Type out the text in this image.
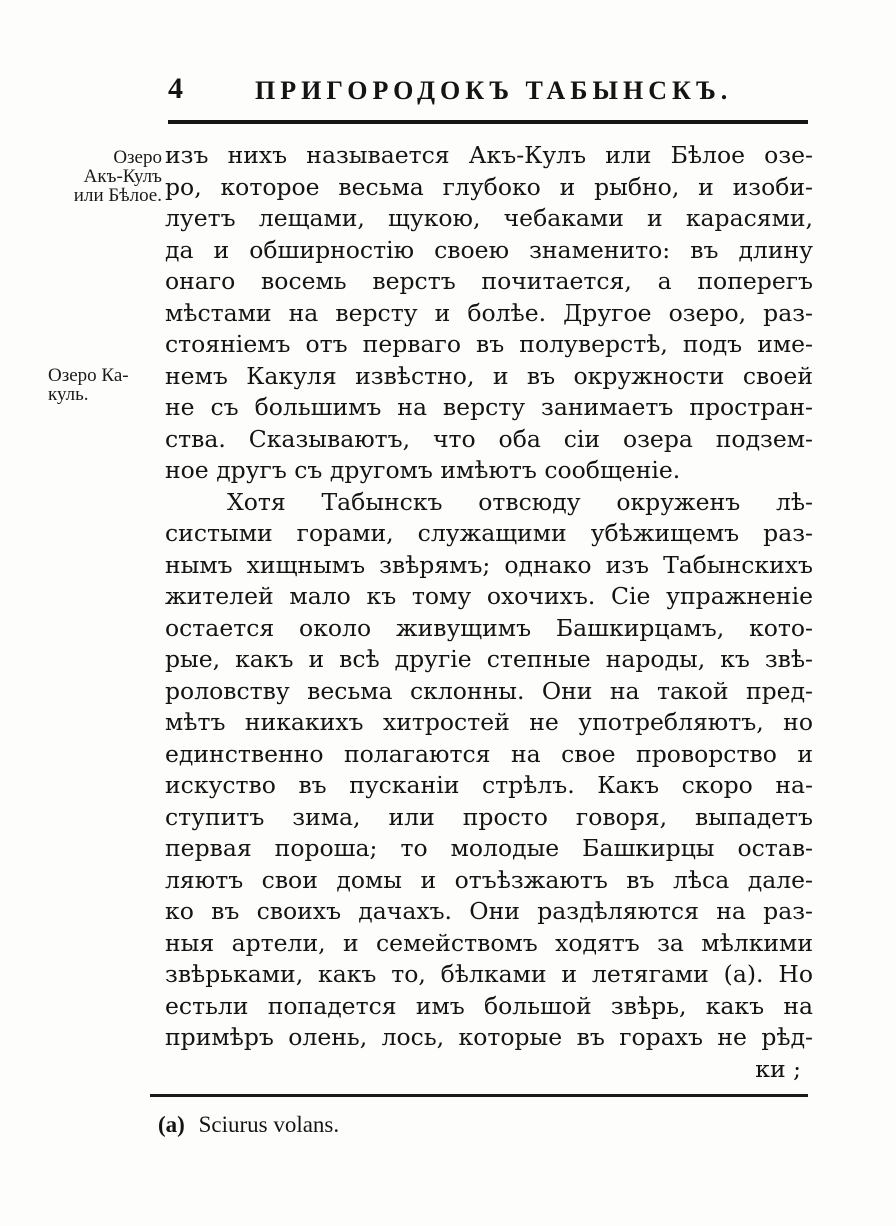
4	ПРИГОРОДОКЪ ТАБЫНСКЪ.
Озеро
Акъ-Кулъ
или Бѣлое.
Озеро Ка-
куль.
изъ нихъ называется Акъ-Кулъ или Бѣлое озе-
ро, которое весьма глубоко и рыбно, и изоби-
луетъ лещами, щукою, чебаками и карасями,
да и обширностію своею знаменито: въ длину
онаго восемь верстъ почитается, а поперегъ
мѣстами на версту и болѣе. Другое озеро, раз-
стояніемъ отъ перваго въ полуверстѣ, подъ име-
немъ Какуля извѣстно, и въ окружности своей
не съ большимъ на версту занимаетъ простран-
ства. Сказываютъ, что оба сіи озера подзем-
ное другъ съ другомъ имѣютъ сообщеніе.
Хотя Табынскъ отвсюду окруженъ лѣ-
систыми горами, служащими убѣжищемъ раз-
нымъ хищнымъ звѣрямъ; однако изъ Табынскихъ
жителей мало къ тому охочихъ. Сіе упражненіе
остается около живущимъ Башкирцамъ, кото-
рые, какъ и всѣ другіе степные народы, къ звѣ-
роловству весьма склонны. Они на такой пред-
мѣтъ никакихъ хитростей не употребляютъ, но
единственно полагаются на свое проворство и
искуство въ пусканіи стрѣлъ. Какъ скоро на-
ступитъ зима, или просто говоря, выпадетъ
первая пороша; то молодые Башкирцы остав-
ляютъ свои домы и отъѣзжаютъ въ лѣса дале-
ко въ своихъ дачахъ. Они раздѣляются на раз-
ныя артели, и семействомъ ходятъ за мѣлкими
звѣрьками, какъ то, бѣлками и летягами (а). Но
естьли попадется имъ большой звѣрь, какъ на
примѣръ олень, лось, которые въ горахъ не рѣд-
ки ;
(a) Sciurus volans.
